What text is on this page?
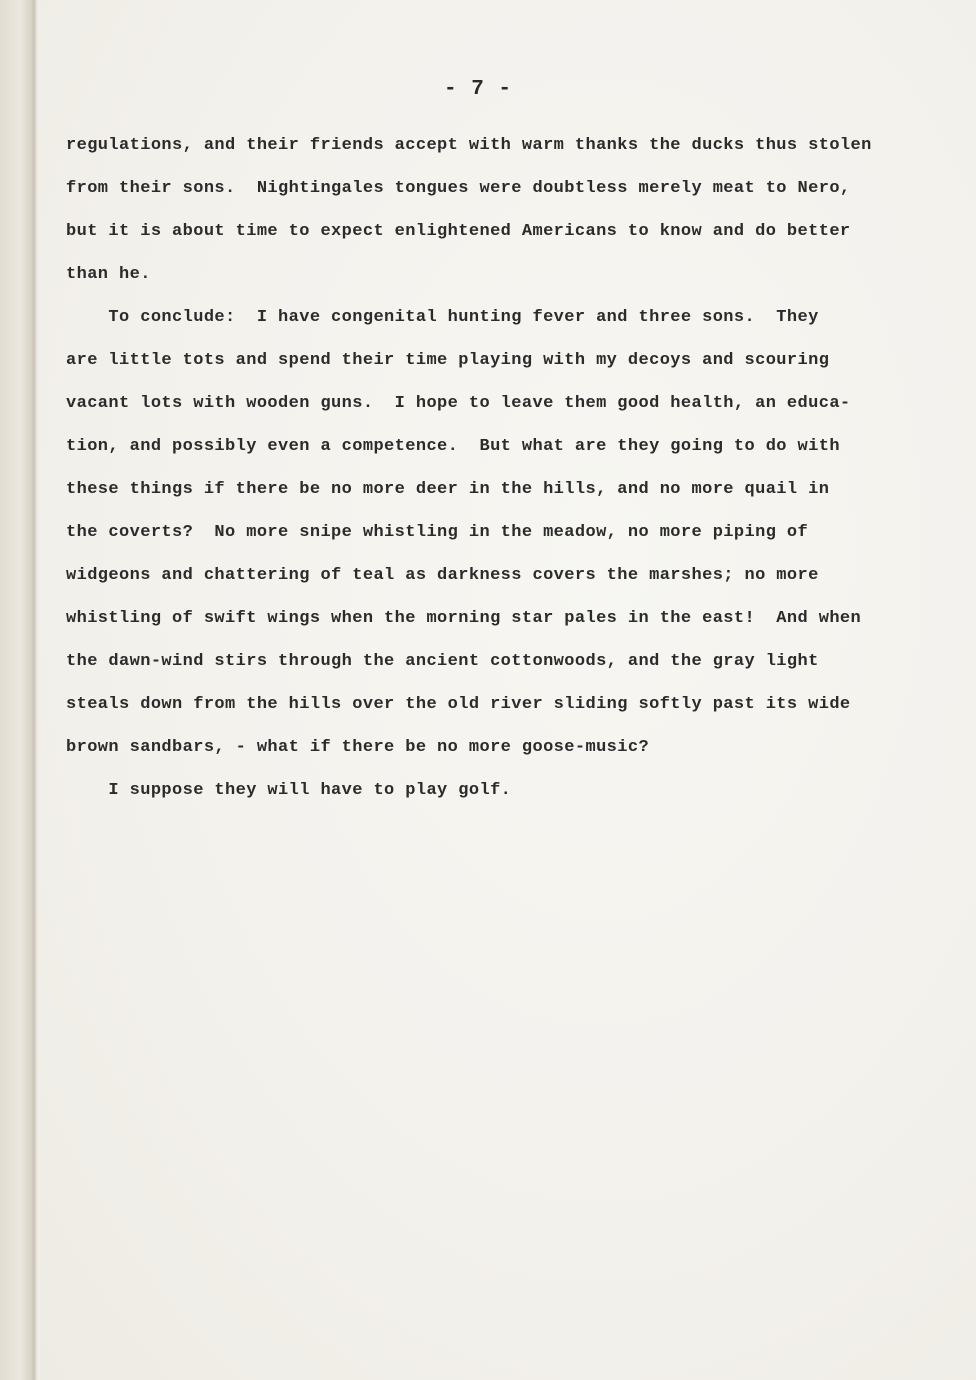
- 7 -
regulations, and their friends accept with warm thanks the ducks thus stolen
from their sons.  Nightingales tongues were doubtless merely meat to Nero,
but it is about time to expect enlightened Americans to know and do better
than he.
To conclude:  I have congenital hunting fever and three sons.  They
are little tots and spend their time playing with my decoys and scouring
vacant lots with wooden guns.  I hope to leave them good health, an educa-
tion, and possibly even a competence.  But what are they going to do with
these things if there be no more deer in the hills, and no more quail in
the coverts?  No more snipe whistling in the meadow, no more piping of
widgeons and chattering of teal as darkness covers the marshes; no more
whistling of swift wings when the morning star pales in the east!  And when
the dawn-wind stirs through the ancient cottonwoods, and the gray light
steals down from the hills over the old river sliding softly past its wide
brown sandbars, - what if there be no more goose-music?
I suppose they will have to play golf.
